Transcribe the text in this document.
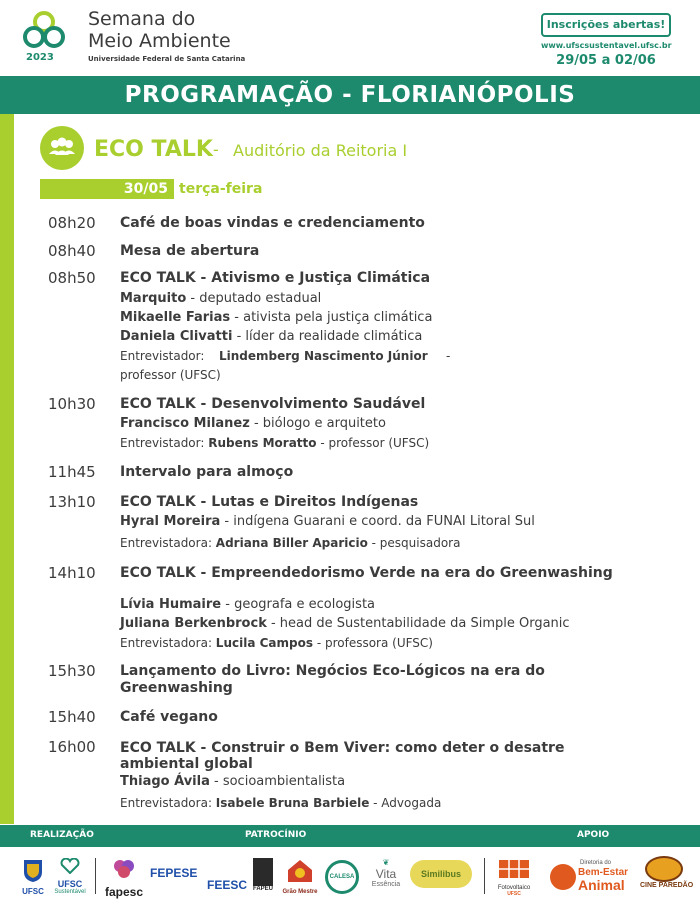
2023
Semana do
Meio Ambiente
Universidade Federal de Santa Catarina
Inscrições abertas!
www.ufscsustentavel.ufsc.br
29/05 a 02/06
PROGRAMAÇÃO - FLORIANÓPOLIS
ECO TALK - Auditório da Reitoria I
30/05 terça-feira
08h20 Café de boas vindas e credenciamento
08h40 Mesa de abertura
08h50 ECO TALK - Ativismo e Justiça Climática
Marquito - deputado estadual
Mikaelle Farias - ativista pela justiça climática
Daniela Clivatti - líder da realidade climática
Entrevistador: Lindemberg Nascimento Júnior -
professor (UFSC)
10h30 ECO TALK - Desenvolvimento Saudável
Francisco Milanez - biólogo e arquiteto
Entrevistador: Rubens Moratto - professor (UFSC)
11h45 Intervalo para almoço
13h10 ECO TALK - Lutas e Direitos Indígenas
Hyral Moreira - indígena Guarani e coord. da FUNAI Litoral Sul
Entrevistadora: Adriana Biller Aparicio - pesquisadora
14h10 ECO TALK - Empreendedorismo Verde na era do Greenwashing
Lívia Humaire - geografa e ecologista
Juliana Berkenbrock - head de Sustentabilidade da Simple Organic
Entrevistadora: Lucila Campos - professora (UFSC)
15h30 Lançamento do Livro: Negócios Eco-Lógicos na era do
Greenwashing
15h40 Café vegano
16h00 ECO TALK - Construir o Bem Viver: como deter o desatre
ambiental global
Thiago Ávila - socioambientalista
Entrevistadora: Isabele Bruna Barbiele - Advogada
REALIZAÇÃO	PATROCÍNIO	APOIO
UFSC
UFSC
Sustentável fapesc
FEPESE
FEESC FAPEU	Grão Mestre
CALESA
❦
Vita
Essência
Similibus
Fotovoltaico
UFSC
Diretoria do
Bem-Estar
Animal CINE PAREDÃO
